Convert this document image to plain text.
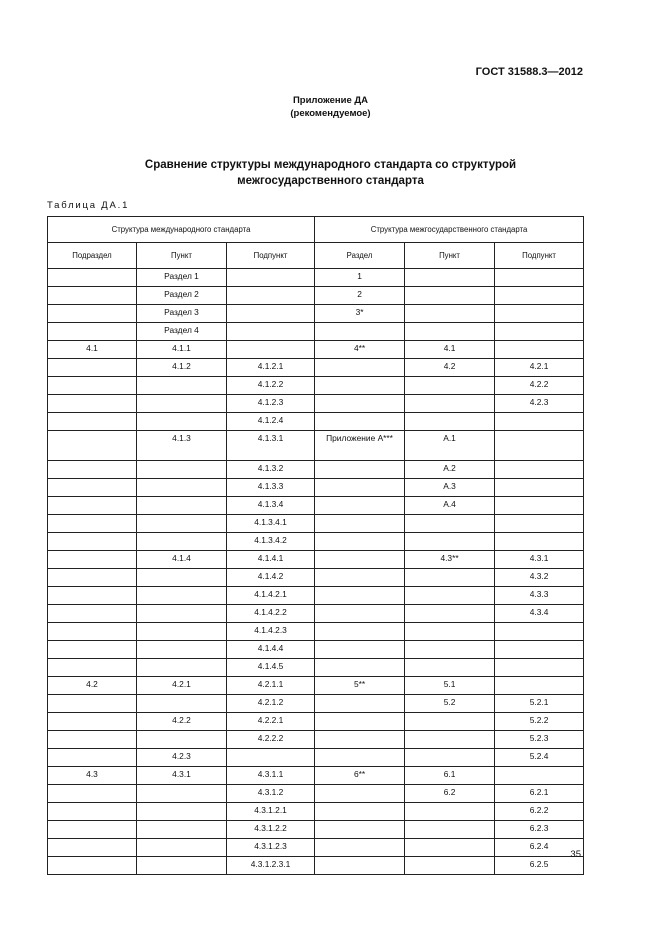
ГОСТ 31588.3—2012
Приложение ДА
(рекомендуемое)
Сравнение структуры международного стандарта со структурой
межгосударственного стандарта
Таблица ДА.1
Структура международного стандарта			Структура межгосударственного стандарта		
Подраздел	Пункт	Подпункт	Раздел	Пункт	Подпункт
	Раздел 1		1		
	Раздел 2		2		
	Раздел 3		3*		
	Раздел 4				
4.1	4.1.1		4**	4.1	
	4.1.2	4.1.2.1		4.2	4.2.1
		4.1.2.2			4.2.2
		4.1.2.3			4.2.3
		4.1.2.4			
	4.1.3	4.1.3.1	Приложение А***	А.1	
		4.1.3.2		А.2	
		4.1.3.3		А.3	
		4.1.3.4		А.4	
		4.1.3.4.1			
		4.1.3.4.2			
	4.1.4	4.1.4.1		4.3**	4.3.1
		4.1.4.2			4.3.2
		4.1.4.2.1			4.3.3
		4.1.4.2.2			4.3.4
		4.1.4.2.3			
		4.1.4.4			
		4.1.4.5			
4.2	4.2.1	4.2.1.1	5**	5.1	
		4.2.1.2		5.2	5.2.1
	4.2.2	4.2.2.1			5.2.2
		4.2.2.2			5.2.3
	4.2.3				5.2.4
4.3	4.3.1	4.3.1.1	6**	6.1	
		4.3.1.2		6.2	6.2.1
		4.3.1.2.1			6.2.2
		4.3.1.2.2			6.2.3
		4.3.1.2.3			6.2.4
		4.3.1.2.3.1			6.2.5
35
